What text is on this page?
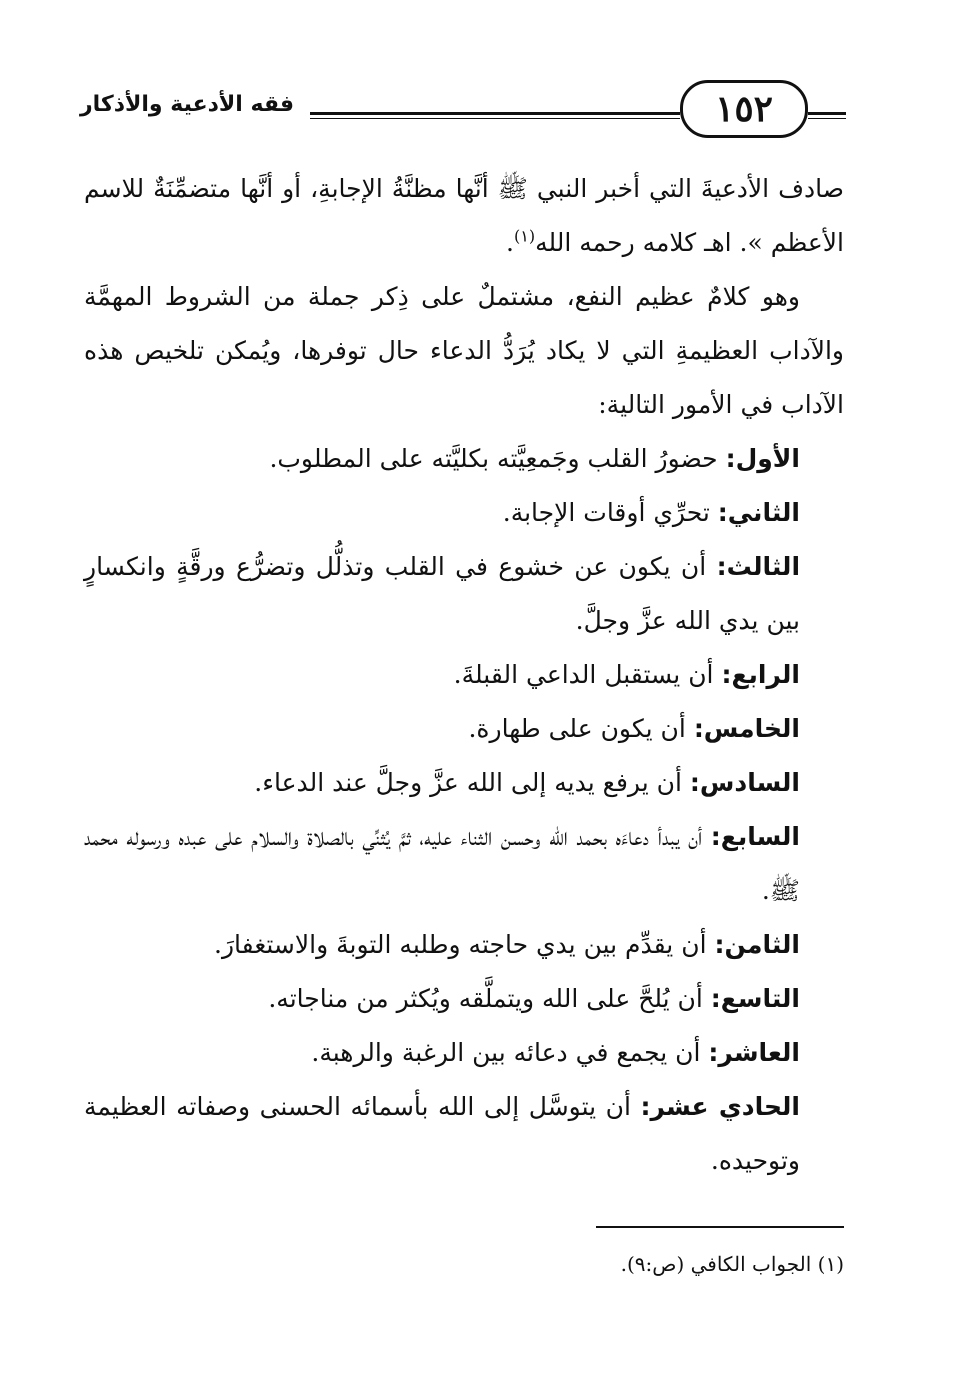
فقه الأدعية والأذكار	١٥٢

صادف الأدعيةَ التي أخبر النبي ﷺ أنَّها مظنَّةُ الإجابةِ، أو أنَّها متضمِّنَةٌ للاسم الأعظم ». اهـ كلامه رحمه الله$^{(١)}$.

وهو كلامٌ عظيم النفع، مشتملٌ على ذِكر جملة من الشروط المهمَّة والآداب العظيمةِ التي لا يكاد يُرَدُّ الدعاء حال توفرها، ويُمكن تلخيص هذه الآداب في الأمور التالية:

الأول: حضورُ القلب وجَمعِيَّته بكليَّته على المطلوب.

الثاني: تحرِّي أوقات الإجابة.

الثالث: أن يكون عن خشوع في القلب وتذلُّل وتضرُّع ورقَّةٍ وانكسارٍ بين يدي الله عزَّ وجلَّ.

الرابع: أن يستقبل الداعي القبلةَ.

الخامس: أن يكون على طهارة.

السادس: أن يرفع يديه إلى الله عزَّ وجلَّ عند الدعاء.

السابع: أن يبدأ دعاءَه بحمد الله وحسن الثناء عليه، ثمَّ يُثنِّي بالصلاة والسلام على عبده ورسوله محمد ﷺ.

الثامن: أن يقدِّم بين يدي حاجته وطلبه التوبةَ والاستغفارَ.

التاسع: أن يُلحَّ على الله ويتملَّقه ويُكثر من مناجاته.

العاشر: أن يجمع في دعائه بين الرغبة والرهبة.

الحادي عشر: أن يتوسَّل إلى الله بأسمائه الحسنى وصفاته العظيمة وتوحيده.

(١) الجواب الكافي (ص:٩).
